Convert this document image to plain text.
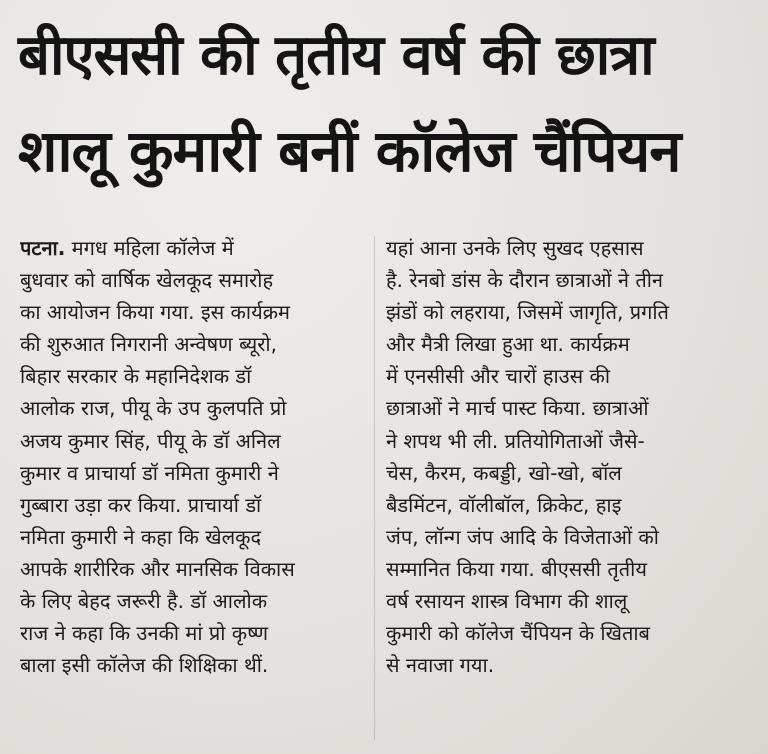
बीएससी की तृतीय वर्ष की छात्रा
शालू कुमारी बनीं कॉलेज चैंपियन
पटना. मगध महिला कॉलेज में
बुधवार को वार्षिक खेलकूद समारोह
का आयोजन किया गया. इस कार्यक्रम
की शुरुआत निगरानी अन्वेषण ब्यूरो,
बिहार सरकार के महानिदेशक डॉ
आलोक राज, पीयू के उप कुलपति प्रो
अजय कुमार सिंह, पीयू के डॉ अनिल
कुमार व प्राचार्या डॉ नमिता कुमारी ने
गुब्बारा उड़ा कर किया. प्राचार्या डॉ
नमिता कुमारी ने कहा कि खेलकूद
आपके शारीरिक और मानसिक विकास
के लिए बेहद जरूरी है. डॉ आलोक
राज ने कहा कि उनकी मां प्रो कृष्ण
बाला इसी कॉलेज की शिक्षिका थीं.
यहां आना उनके लिए सुखद एहसास
है. रेनबो डांस के दौरान छात्राओं ने तीन
झंडों को लहराया, जिसमें जागृति, प्रगति
और मैत्री लिखा हुआ था. कार्यक्रम
में एनसीसी और चारों हाउस की
छात्राओं ने मार्च पास्ट किया. छात्राओं
ने शपथ भी ली. प्रतियोगिताओं जैसे-
चेस, कैरम, कबड्डी, खो-खो, बॉल
बैडमिंटन, वॉलीबॉल, क्रिकेट, हाइ
जंप, लॉन्ग जंप आदि के विजेताओं को
सम्मानित किया गया. बीएससी तृतीय
वर्ष रसायन शास्त्र विभाग की शालू
कुमारी को कॉलेज चैंपियन के खिताब
से नवाजा गया.
